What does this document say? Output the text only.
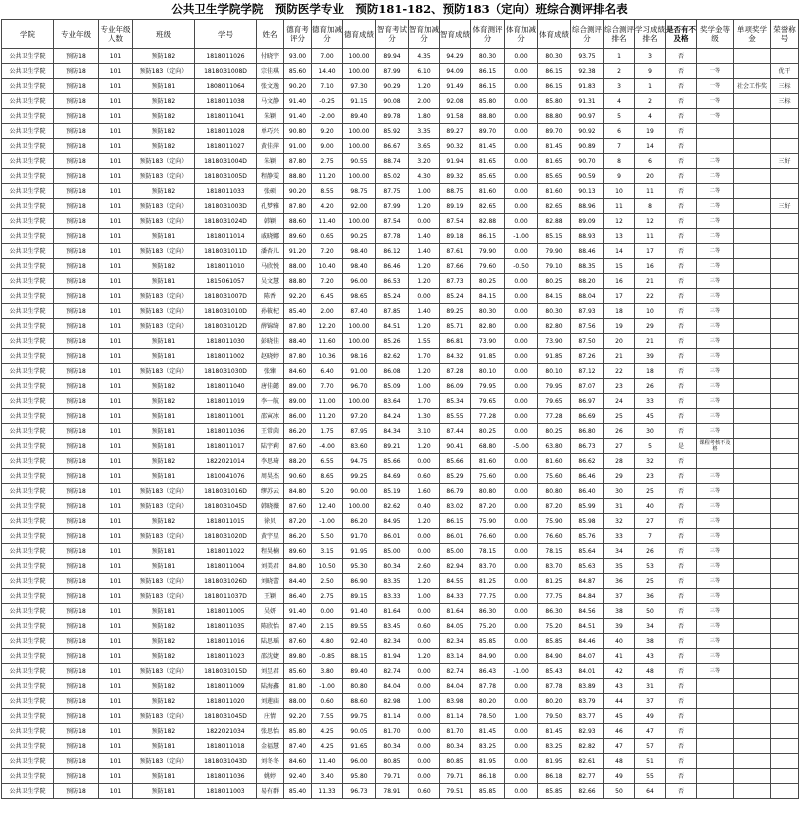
公共卫生学院学院　预防医学专业　预防181-182、预防183（定向）班综合测评排名表
学院	专业年级	专业年级人数	班级	学号	姓名	德育考评分	德育加减分	德育成绩	智育考试分	智育加减分	智育成绩	体育测评分	体育加减分	体育成绩	综合测评分	综合测评排名	学习成绩排名	是否有不及格	奖学金等级	单项奖学金	荣誉称号
公共卫生学院	预防18	101	预防182	1818011026	付晓宇	93.00	7.00	100.00	89.94	4.35	94.29	80.30	0.00	80.30	93.75	1	3	否			
公共卫生学院	预防18	101	预防183（定向）	1818031008D	宗佳琪	85.60	14.40	100.00	87.99	6.10	94.09	86.15	0.00	86.15	92.38	2	9	否	一等		优干
公共卫生学院	预防18	101	预防181	1808011064	张文逸	90.20	7.10	97.30	90.29	1.20	91.49	86.15	0.00	86.15	91.83	3	1	否	一等	社会工作奖	三标
公共卫生学院	预防18	101	预防182	1818011038	马文静	91.40	-0.25	91.15	90.08	2.00	92.08	85.80	0.00	85.80	91.31	4	2	否	一等		三标
公共卫生学院	预防18	101	预防182	1818011041	朱颖	91.40	-2.00	89.40	89.78	1.80	91.58	88.80	0.00	88.80	90.97	5	4	否	一等		
公共卫生学院	预防18	101	预防182	1818011028	单巧兴	90.80	9.20	100.00	85.92	3.35	89.27	89.70	0.00	89.70	90.92	6	19	否			
公共卫生学院	预防18	101	预防182	1818011027	黄佳萍	91.00	9.00	100.00	86.67	3.65	90.32	81.45	0.00	81.45	90.89	7	14	否			
公共卫生学院	预防18	101	预防183（定向）	1818031004D	朱颖	87.80	2.75	90.55	88.74	3.20	91.94	81.65	0.00	81.65	90.70	8	6	否	二等		三好
公共卫生学院	预防18	101	预防183（定向）	1818031005D	程静雯	88.80	11.20	100.00	85.02	4.30	89.32	85.65	0.00	85.65	90.59	9	20	否	二等		
公共卫生学院	预防18	101	预防182	1818011033	张硕	90.20	8.55	98.75	87.75	1.00	88.75	81.60	0.00	81.60	90.13	10	11	否	二等		
公共卫生学院	预防18	101	预防183（定向）	1818031003D	孔梦雅	87.80	4.20	92.00	87.99	1.20	89.19	82.65	0.00	82.65	88.96	11	8	否	二等		三好
公共卫生学院	预防18	101	预防183（定向）	1818031024D	韩颖	88.60	11.40	100.00	87.54	0.00	87.54	82.88	0.00	82.88	89.09	12	12	否	二等		
公共卫生学院	预防18	101	预防181	1818011014	戚晓娜	89.60	0.65	90.25	87.78	1.40	89.18	86.15	-1.00	85.15	88.93	13	11	否	二等		
公共卫生学院	预防18	101	预防183（定向）	1818031011D	潘杏儿	91.20	7.20	98.40	86.12	1.40	87.61	79.90	0.00	79.90	88.46	14	17	否	二等		
公共卫生学院	预防18	101	预防182	1818011010	马欣悦	88.00	10.40	98.40	86.46	1.20	87.66	79.60	-0.50	79.10	88.35	15	16	否	二等		
公共卫生学院	预防18	101	预防181	1815061057	吴文慧	88.80	7.20	96.00	86.53	1.20	87.73	80.25	0.00	80.25	88.20	16	21	否	三等		
公共卫生学院	预防18	101	预防183（定向）	1818031007D	陈香	92.20	6.45	98.65	85.24	0.00	85.24	84.15	0.00	84.15	88.04	17	22	否	三等		
公共卫生学院	预防18	101	预防183（定向）	1818031010D	孙筱杞	85.40	2.00	87.40	87.85	1.40	89.25	80.30	0.00	80.30	87.93	18	10	否	三等		
公共卫生学院	预防18	101	预防183（定向）	1818031012D	薛锦绮	87.80	12.20	100.00	84.51	1.20	85.71	82.80	0.00	82.80	87.56	19	29	否	三等		
公共卫生学院	预防18	101	预防181	1818011030	彭晓佳	88.40	11.60	100.00	85.26	1.55	86.81	73.90	0.00	73.90	87.50	20	21	否	三等		
公共卫生学院	预防18	101	预防181	1818011002	赵晓婷	87.80	10.36	98.16	82.62	1.70	84.32	91.85	0.00	91.85	87.26	21	39	否	三等		
公共卫生学院	预防18	101	预防183（定向）	1818031030D	张臻	84.60	6.40	91.00	86.08	1.20	87.28	80.10	0.00	80.10	87.12	22	18	否	三等		
公共卫生学院	预防18	101	预防182	1818011040	唐佳懿	89.00	7.70	96.70	85.09	1.00	86.09	79.95	0.00	79.95	87.07	23	26	否	三等		
公共卫生学院	预防18	101	预防182	1818011019	李一航	89.00	11.00	100.00	83.64	1.70	85.34	79.65	0.00	79.65	86.97	24	33	否	三等		
公共卫生学院	预防18	101	预防181	1818011001	邵寅冰	86.00	11.20	97.20	84.24	1.30	85.55	77.28	0.00	77.28	86.69	25	45	否	三等		
公共卫生学院	预防18	101	预防181	1818011036	王常茵	86.20	1.75	87.95	84.34	3.10	87.44	80.25	0.00	80.25	86.80	26	30	否	三等		
公共卫生学院	预防18	101	预防181	1818011017	陆宇莉	87.60	-4.00	83.60	89.21	1.20	90.41	68.80	-5.00	63.80	86.73	27	5	是	课程考核不及格		
公共卫生学院	预防18	101	预防182	1822021014	李思琦	88.20	6.55	94.75	85.66	0.00	85.66	81.60	0.00	81.60	86.62	28	32	否			
公共卫生学院	预防18	101	预防181	1810041076	周昊杰	90.60	8.65	99.25	84.69	0.60	85.29	75.60	0.00	75.60	86.46	29	23	否	三等		
公共卫生学院	预防18	101	预防183（定向）	1818031016D	缪苏云	84.80	5.20	90.00	85.19	1.60	86.79	80.80	0.00	80.80	86.40	30	25	否	三等		
公共卫生学院	预防18	101	预防183（定向）	1818031045D	韩晓薇	87.60	12.40	100.00	82.62	0.40	83.02	87.20	0.00	87.20	85.99	31	40	否	三等		
公共卫生学院	预防18	101	预防182	1818011015	徐贝	87.20	-1.00	86.20	84.95	1.20	86.15	75.90	0.00	75.90	85.98	32	27	否	三等		
公共卫生学院	预防18	101	预防183（定向）	1818031020D	黄宇星	86.20	5.50	91.70	86.01	0.00	86.01	76.60	0.00	76.60	85.76	33	7	否	三等		
公共卫生学院	预防18	101	预防181	1818011022	程昊楠	89.60	3.15	91.95	85.00	0.00	85.00	78.15	0.00	78.15	85.64	34	26	否	三等		
公共卫生学院	预防18	101	预防181	1818011004	刘美君	84.80	10.50	95.30	80.34	2.60	82.94	83.70	0.00	83.70	85.63	35	53	否	三等		
公共卫生学院	预防18	101	预防183（定向）	1818031026D	刘晓蕾	84.40	2.50	86.90	83.35	1.20	84.55	81.25	0.00	81.25	84.87	36	25	否	三等		
公共卫生学院	预防18	101	预防183（定向）	1818011037D	王颖	86.40	2.75	89.15	83.33	1.00	84.33	77.75	0.00	77.75	84.84	37	36	否	三等		
公共卫生学院	预防18	101	预防181	1818011005	吴妍	91.40	0.00	91.40	81.64	0.00	81.64	86.30	0.00	86.30	84.56	38	50	否	三等		
公共卫生学院	预防18	101	预防182	1818011035	陈欣怡	87.40	2.15	89.55	83.45	0.60	84.05	75.20	0.00	75.20	84.51	39	34	否	三等		
公共卫生学院	预防18	101	预防182	1818011016	陆思瑶	87.60	4.80	92.40	82.34	0.00	82.34	85.85	0.00	85.85	84.46	40	38	否	三等		
公共卫生学院	预防18	101	预防182	1818011023	邵沈婕	89.80	-0.85	88.15	81.94	1.20	83.14	84.90	0.00	84.90	84.07	41	43	否	三等		
公共卫生学院	预防18	101	预防183（定向）	1818031015D	刘昱君	85.60	3.80	89.40	82.74	0.00	82.74	86.43	-1.00	85.43	84.01	42	48	否	三等		
公共卫生学院	预防18	101	预防182	1818011009	陆海鑫	81.80	-1.00	80.80	84.04	0.00	84.04	87.78	0.00	87.78	83.89	43	31	否			
公共卫生学院	预防18	101	预防182	1818011020	刘莲庙	88.00	0.60	88.60	82.98	1.00	83.98	80.20	0.00	80.20	83.79	44	37	否			
公共卫生学院	预防18	101	预防183（定向）	1818031045D	庄情	92.20	7.55	99.75	81.14	0.00	81.14	78.50	1.00	79.50	83.77	45	49	否			
公共卫生学院	预防18	101	预防182	1822021034	张思怡	85.80	4.25	90.05	81.70	0.00	81.70	81.45	0.00	81.45	82.93	46	47	否			
公共卫生学院	预防18	101	预防181	1818011018	金福慧	87.40	4.25	91.65	80.34	0.00	80.34	83.25	0.00	83.25	82.82	47	57	否			
公共卫生学院	预防18	101	预防183（定向）	1818031043D	刘冬冬	84.60	11.40	96.00	80.85	0.00	80.85	81.95	0.00	81.95	82.61	48	51	否			
公共卫生学院	预防18	101	预防181	1818011036	姚婷	92.40	3.40	95.80	79.71	0.00	79.71	86.18	0.00	86.18	82.77	49	55	否			
公共卫生学院	预防18	101	预防181	1818011003	易有群	85.40	11.33	96.73	78.91	0.60	79.51	85.85	0.00	85.85	82.66	50	64	否			
